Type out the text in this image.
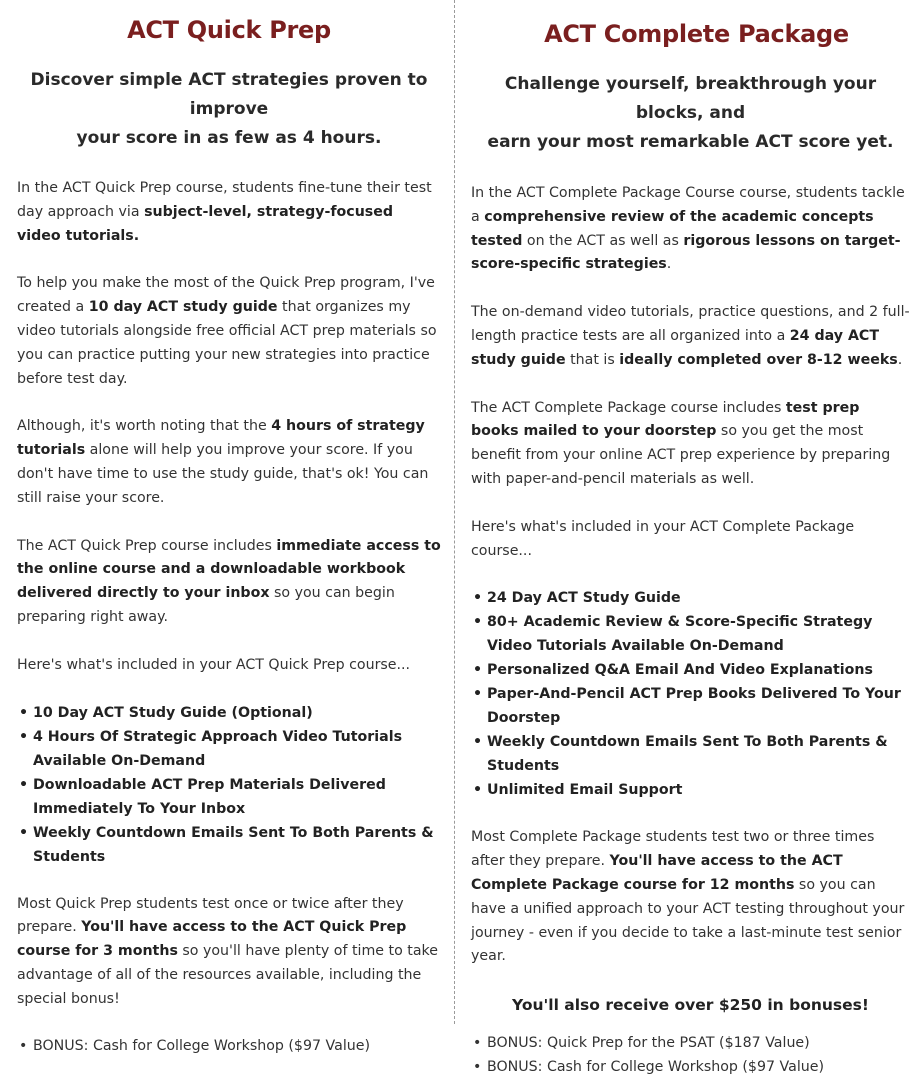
ACT Quick Prep
Discover simple ACT strategies proven to improve
your score in as few as 4 hours.

In the ACT Quick Prep course, students fine-tune their test day approach via subject-level, strategy-focused video tutorials.

To help you make the most of the Quick Prep program, I've created a 10 day ACT study guide that organizes my video tutorials alongside free official ACT prep materials so you can practice putting your new strategies into practice before test day.

Although, it's worth noting that the 4 hours of strategy tutorials alone will help you improve your score. If you don't have time to use the study guide, that's ok! You can still raise your score.

The ACT Quick Prep course includes immediate access to the online course and a downloadable workbook delivered directly to your inbox so you can begin preparing right away.

Here's what's included in your ACT Quick Prep course...

• 10 Day ACT Study Guide (Optional)
• 4 Hours Of Strategic Approach Video Tutorials Available On-Demand
• Downloadable ACT Prep Materials Delivered Immediately To Your Inbox
• Weekly Countdown Emails Sent To Both Parents & Students

Most Quick Prep students test once or twice after they prepare. You'll have access to the ACT Quick Prep course for 3 months so you'll have plenty of time to take advantage of all of the resources available, including the special bonus!

• BONUS: Cash for College Workshop ($97 Value)
ACT Complete Package
Challenge yourself, breakthrough your blocks, and
earn your most remarkable ACT score yet.

In the ACT Complete Package Course course, students tackle a comprehensive review of the academic concepts tested on the ACT as well as rigorous lessons on target-score-specific strategies.

The on-demand video tutorials, practice questions, and 2 full-length practice tests are all organized into a 24 day ACT study guide that is ideally completed over 8-12 weeks.

The ACT Complete Package course includes test prep books mailed to your doorstep so you get the most benefit from your online ACT prep experience by preparing with paper-and-pencil materials as well.

Here's what's included in your ACT Complete Package course...

• 24 Day ACT Study Guide
• 80+ Academic Review & Score-Specific Strategy Video Tutorials Available On-Demand
• Personalized Q&A Email And Video Explanations
• Paper-And-Pencil ACT Prep Books Delivered To Your Doorstep
• Weekly Countdown Emails Sent To Both Parents & Students
• Unlimited Email Support

Most Complete Package students test two or three times after they prepare. You'll have access to the ACT Complete Package course for 12 months so you can have a unified approach to your ACT testing throughout your journey - even if you decide to take a last-minute test senior year.

You'll also receive over $250 in bonuses!
• BONUS: Quick Prep for the PSAT ($187 Value)
• BONUS: Cash for College Workshop ($97 Value)
